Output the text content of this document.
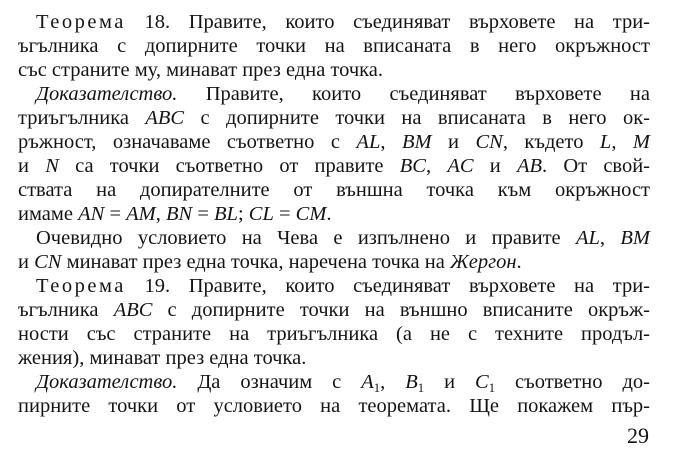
Теорема 18. Правите, които съединяват върховете на три-
ъгълника с допирните точки на вписаната в него окръжност
със страните му, минават през една точка.
Доказателство. Правите, които съединяват върховете на
триъгълника ABC с допирните точки на вписаната в него ок-
ръжност, означаваме съответно с AL, BM и CN, където L, M
и N са точки съответно от правите BC, AC и AB. От свой-
ствата на допирателните от външна точка към окръжност
имаме AN = AM, BN = BL; CL = CM.
Очевидно условието на Чева е изпълнено и правите AL, BM
и CN минават през една точка, наречена точка на Жергон.
Теорема 19. Правите, които съединяват върховете на три-
ъгълника ABC с допирните точки на външно вписаните окръж-
ности със страните на триъгълника (а не с техните продъл-
жения), минават през една точка.
Доказателство. Да означим с $A_1$, $B_1$ и $C_1$ съответно до-
пирните точки от условието на теоремата. Ще покажем пър-
29
